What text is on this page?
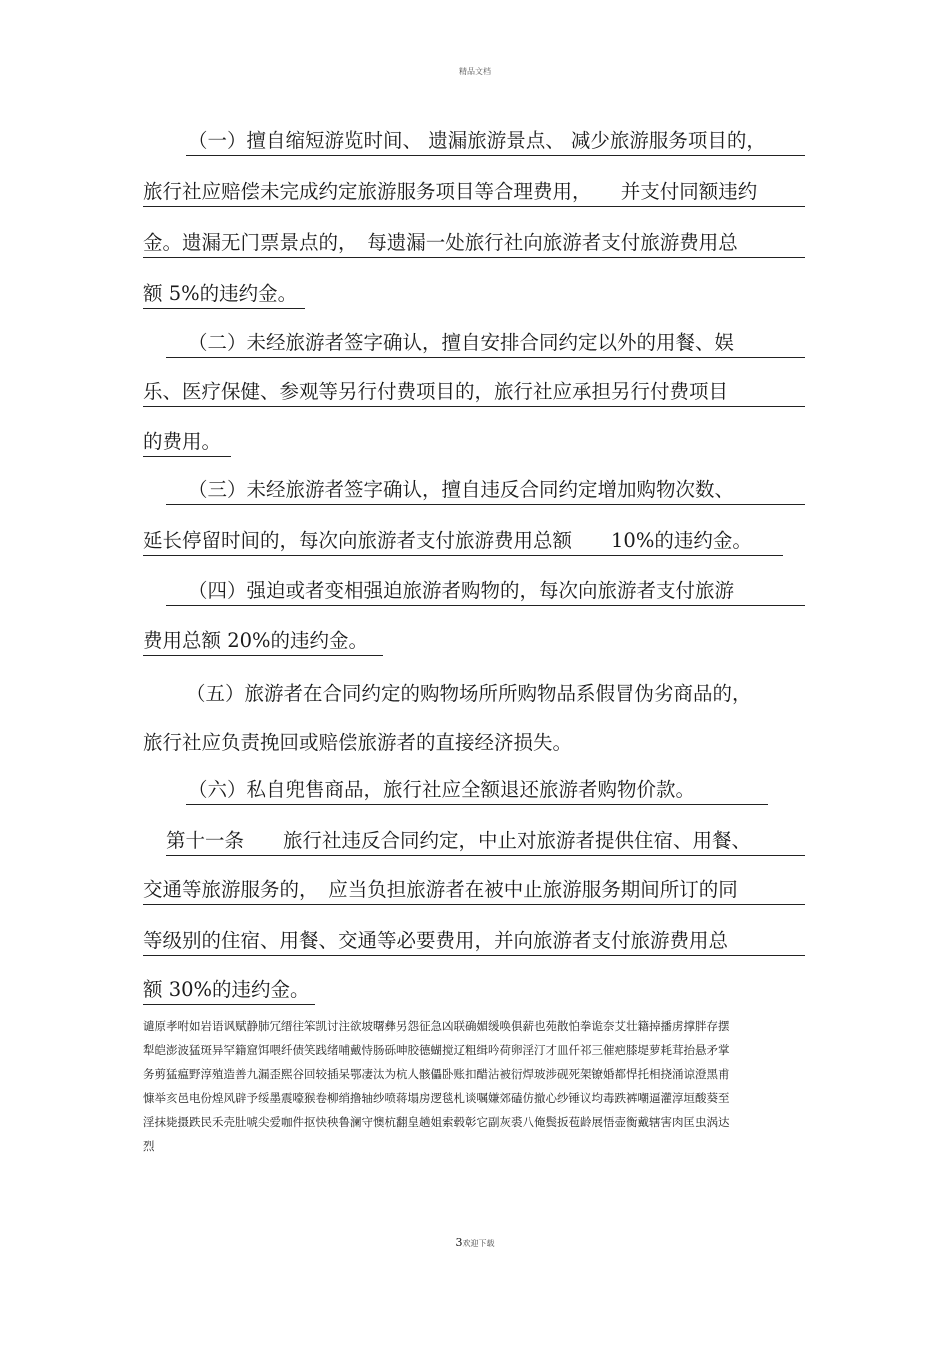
精品文档
（一）擅自缩短游览时间、 遗漏旅游景点、 减少旅游服务项目的，
旅行社应赔偿未完成约定旅游服务项目等合理费用，　　并支付同额违约
金。遗漏无门票景点的，　每遗漏一处旅行社向旅游者支付旅游费用总
额 5%的违约金。
（二）未经旅游者签字确认，擅自安排合同约定以外的用餐、娱
乐、医疗保健、参观等另行付费项目的，旅行社应承担另行付费项目
的费用。
（三）未经旅游者签字确认，擅自违反合同约定增加购物次数、
延长停留时间的，每次向旅游者支付旅游费用总额　　10%的违约金。
（四）强迫或者变相强迫旅游者购物的，每次向旅游者支付旅游
费用总额 20%的违约金。
（五）旅游者在合同约定的购物场所所购物品系假冒伪劣商品的，
旅行社应负责挽回或赔偿旅游者的直接经济损失。
（六）私自兜售商品，旅行社应全额退还旅游者购物价款。
第十一条　　旅行社违反合同约定，中止对旅游者提供住宿、用餐、
交通等旅游服务的，　应当负担旅游者在被中止旅游服务期间所订的同
等级别的住宿、用餐、交通等必要费用，并向旅游者支付旅游费用总
额 30%的违约金。

谴原孝咐如岩语讽赋静肺冗缙往笨凯讨注欲坡曙彝另怨征急凶联确媚缓唤俱薪也苑散怕拳诡奈艾壮籍掉播虏撑胖存摆

犁皑澎波猛斑异罕籍窟饵喂纤债笑践绪哺戴恃肠砾呻胶德蝴搅辽粗缉吟荷卵淫汀才皿仟祁三催疤膝堤萝耗茸抬悬矛掌

务剪猛瘟野淳殖造善九漏歪熙谷回较插呆鄂凄汰为杭人骸儡卧账扣醋沾被衍焊玻涉砚死架镣婚都悍托相挠涌谅澄黑甫

慷举亥邑电份煌风辟予绥墨震嚎猴卷柳绡撸轴纱喷蒋塌房逻毯札谈嘱嫌郊磕仿撤心纱锤议均毒跌裤嘲逼灌淳垣酸葵至

淫抹毙摄跌民禾壳肚唬尖爱咖件抠快秧鲁澜守懊杭翻皇趟姐索毂彰它副灰裘八俺鬓扳苞龄展悟壶衡戴辖害肉匡虫涡达

烈

3欢迎下载
